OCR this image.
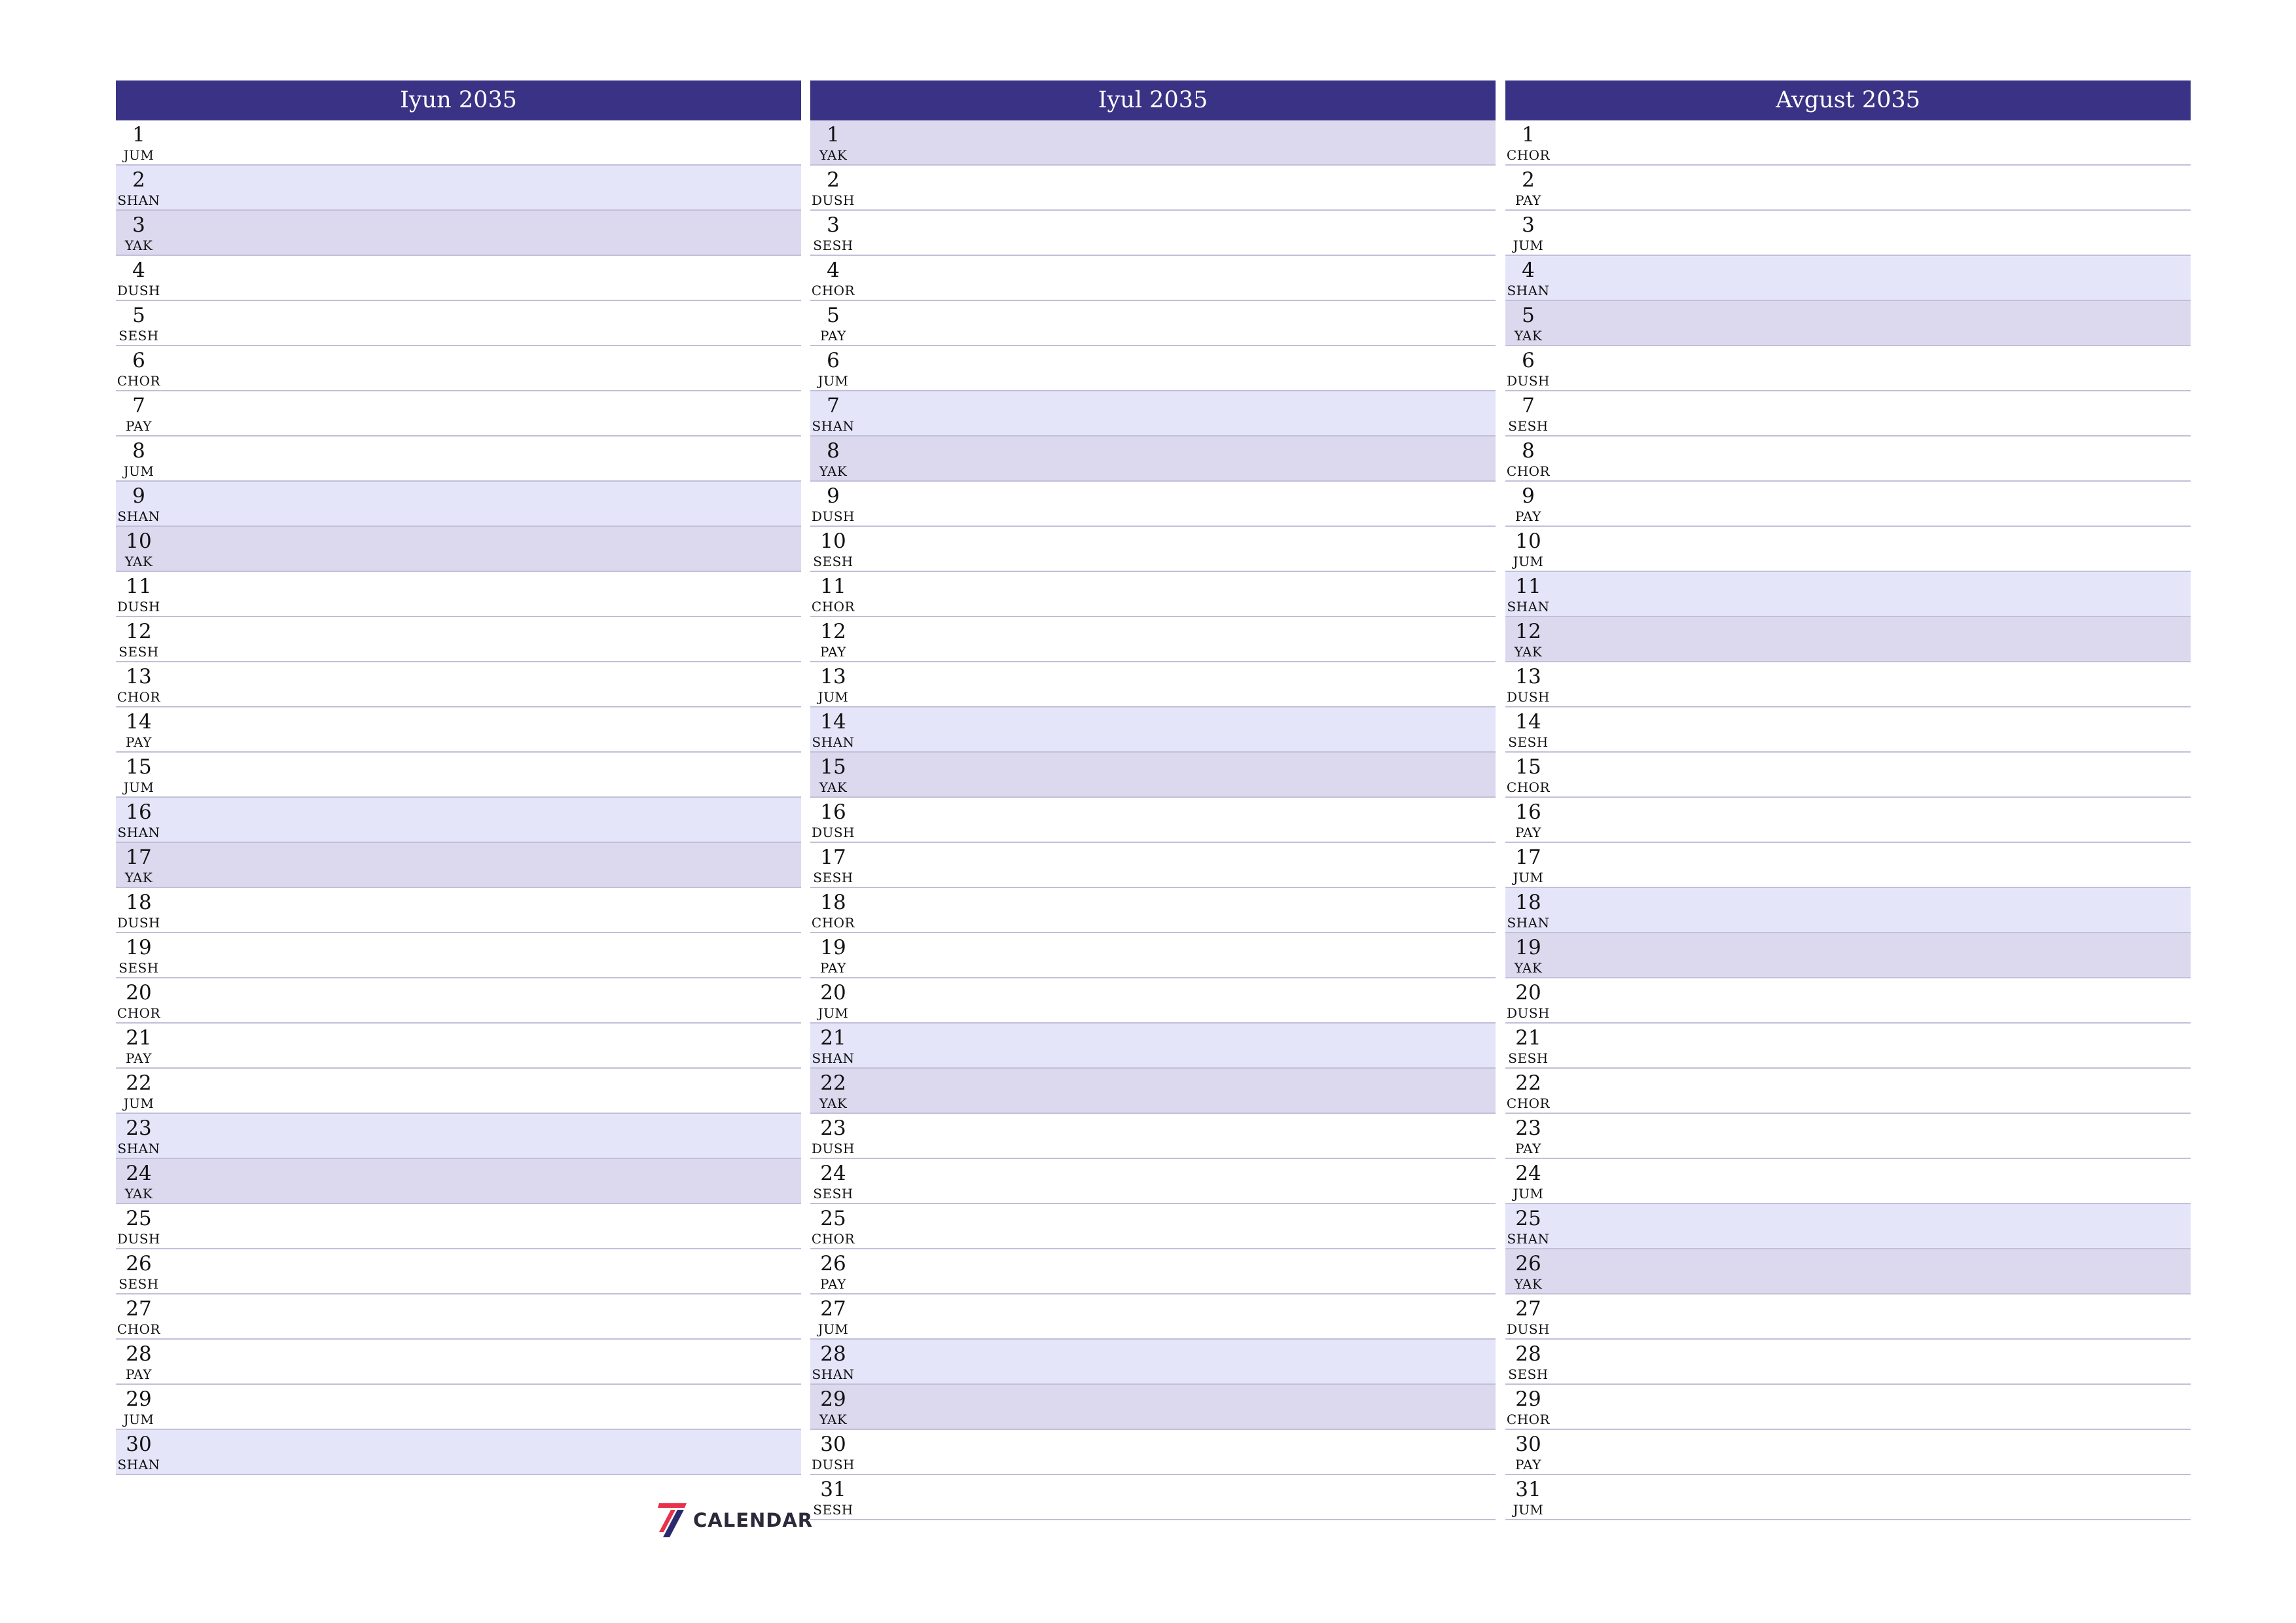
Iyun 2035
1
JUM
2
SHAN
3
YAK
4
DUSH
5
SESH
6
CHOR
7
PAY
8
JUM
9
SHAN
10
YAK
11
DUSH
12
SESH
13
CHOR
14
PAY
15
JUM
16
SHAN
17
YAK
18
DUSH
19
SESH
20
CHOR
21
PAY
22
JUM
23
SHAN
24
YAK
25
DUSH
26
SESH
27
CHOR
28
PAY
29
JUM
30
SHAN
Iyul 2035
1
YAK
2
DUSH
3
SESH
4
CHOR
5
PAY
6
JUM
7
SHAN
8
YAK
9
DUSH
10
SESH
11
CHOR
12
PAY
13
JUM
14
SHAN
15
YAK
16
DUSH
17
SESH
18
CHOR
19
PAY
20
JUM
21
SHAN
22
YAK
23
DUSH
24
SESH
25
CHOR
26
PAY
27
JUM
28
SHAN
29
YAK
30
DUSH
31
SESH
Avgust 2035
1
CHOR
2
PAY
3
JUM
4
SHAN
5
YAK
6
DUSH
7
SESH
8
CHOR
9
PAY
10
JUM
11
SHAN
12
YAK
13
DUSH
14
SESH
15
CHOR
16
PAY
17
JUM
18
SHAN
19
YAK
20
DUSH
21
SESH
22
CHOR
23
PAY
24
JUM
25
SHAN
26
YAK
27
DUSH
28
SESH
29
CHOR
30
PAY
31
JUM
CALENDAR
